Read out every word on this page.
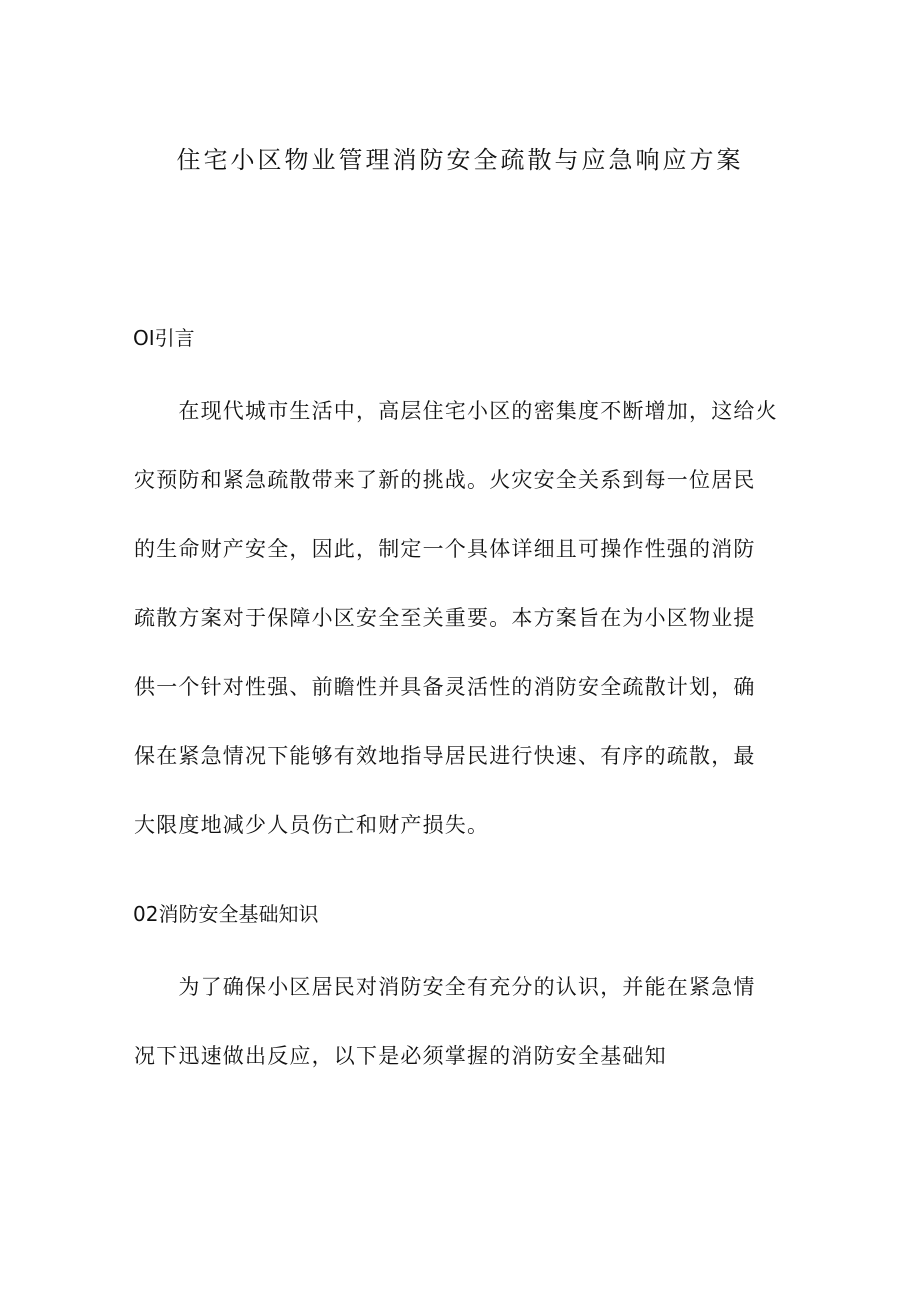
住宅小区物业管理消防安全疏散与应急响应方案
OI引言
　　在现代城市生活中，高层住宅小区的密集度不断增加，这给火
灾预防和紧急疏散带来了新的挑战。火灾安全关系到每一位居民
的生命财产安全，因此，制定一个具体详细且可操作性强的消防
疏散方案对于保障小区安全至关重要。本方案旨在为小区物业提
供一个针对性强、前瞻性并具备灵活性的消防安全疏散计划，确
保在紧急情况下能够有效地指导居民进行快速、有序的疏散，最
大限度地减少人员伤亡和财产损失。
02消防安全基础知识
　　为了确保小区居民对消防安全有充分的认识，并能在紧急情
况下迅速做出反应，以下是必须掌握的消防安全基础知
